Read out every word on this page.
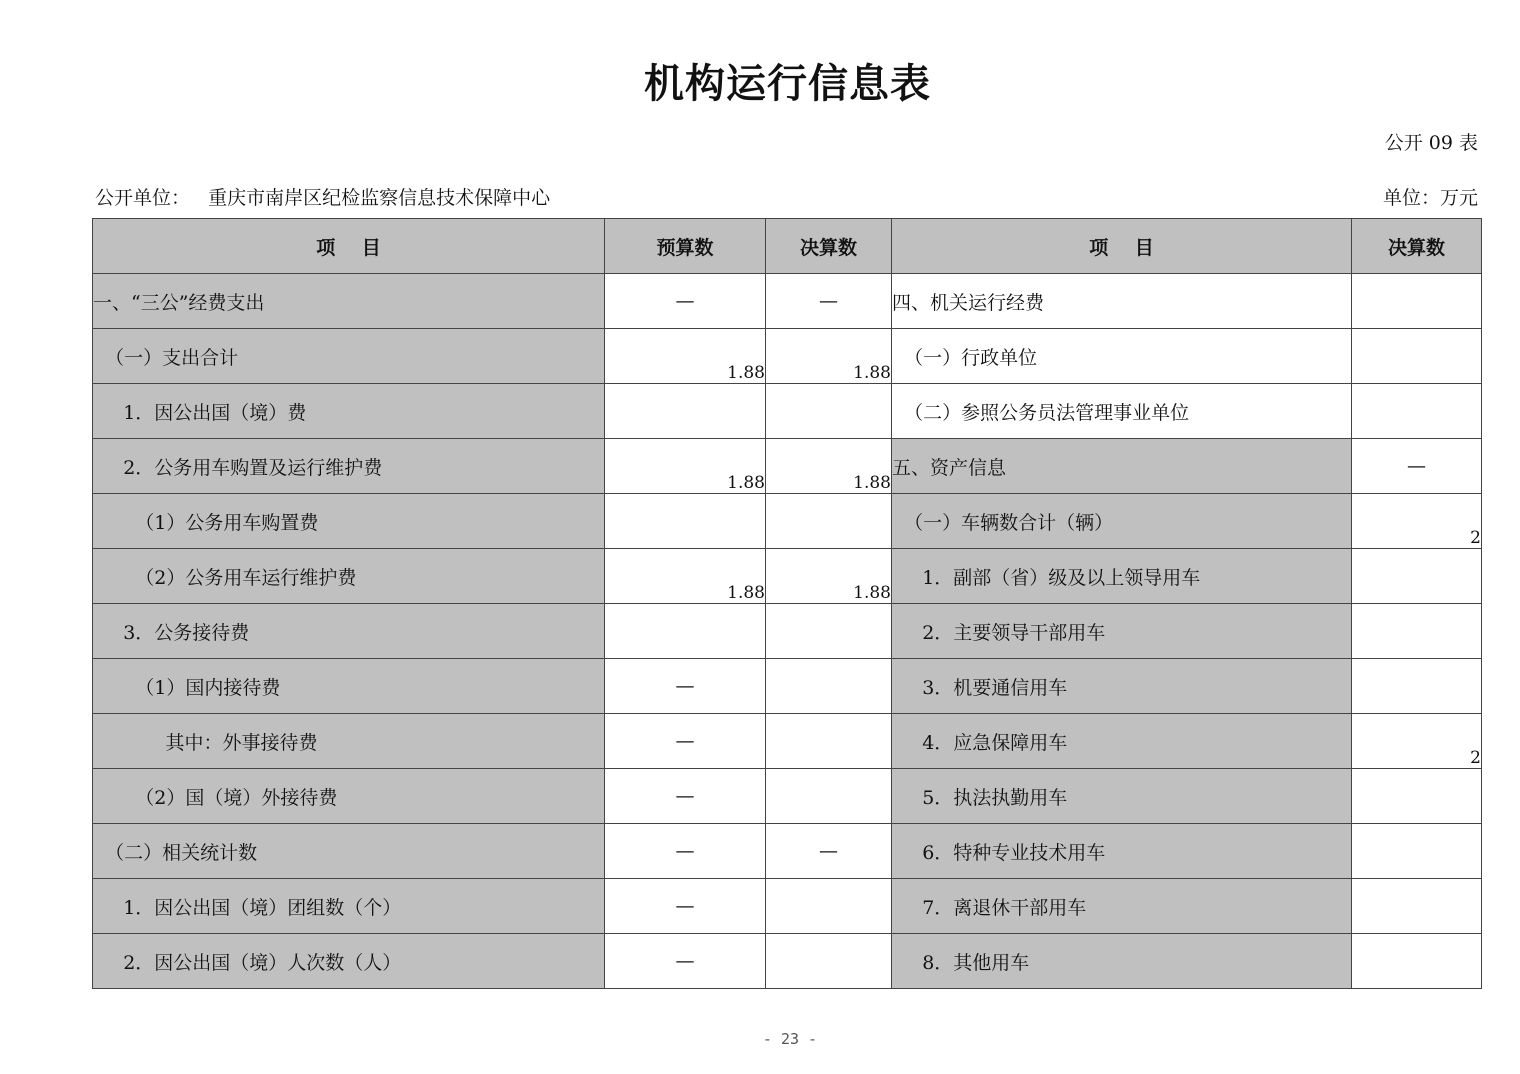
机构运行信息表
公开 09 表
公开单位：   重庆市南岸区纪检监察信息技术保障中心	单位：万元
项    目	预算数	决算数	项    目	决算数
一、“三公”经费支出	—	—	四、机关运行经费	
（一）支出合计	1.88	1.88	（一）行政单位	
1．因公出国（境）费			（二）参照公务员法管理事业单位	
2．公务用车购置及运行维护费	1.88	1.88	五、资产信息	—
（1）公务用车购置费			（一）车辆数合计（辆）	2
（2）公务用车运行维护费	1.88	1.88	1．副部（省）级及以上领导用车	
3．公务接待费			2．主要领导干部用车	
（1）国内接待费	—		3．机要通信用车	
其中：外事接待费	—		4．应急保障用车	2
（2）国（境）外接待费	—		5．执法执勤用车	
（二）相关统计数	—	—	6．特种专业技术用车	
1．因公出国（境）团组数（个）	—		7．离退休干部用车	
2．因公出国（境）人次数（人）	—		8．其他用车	
- 23 -
